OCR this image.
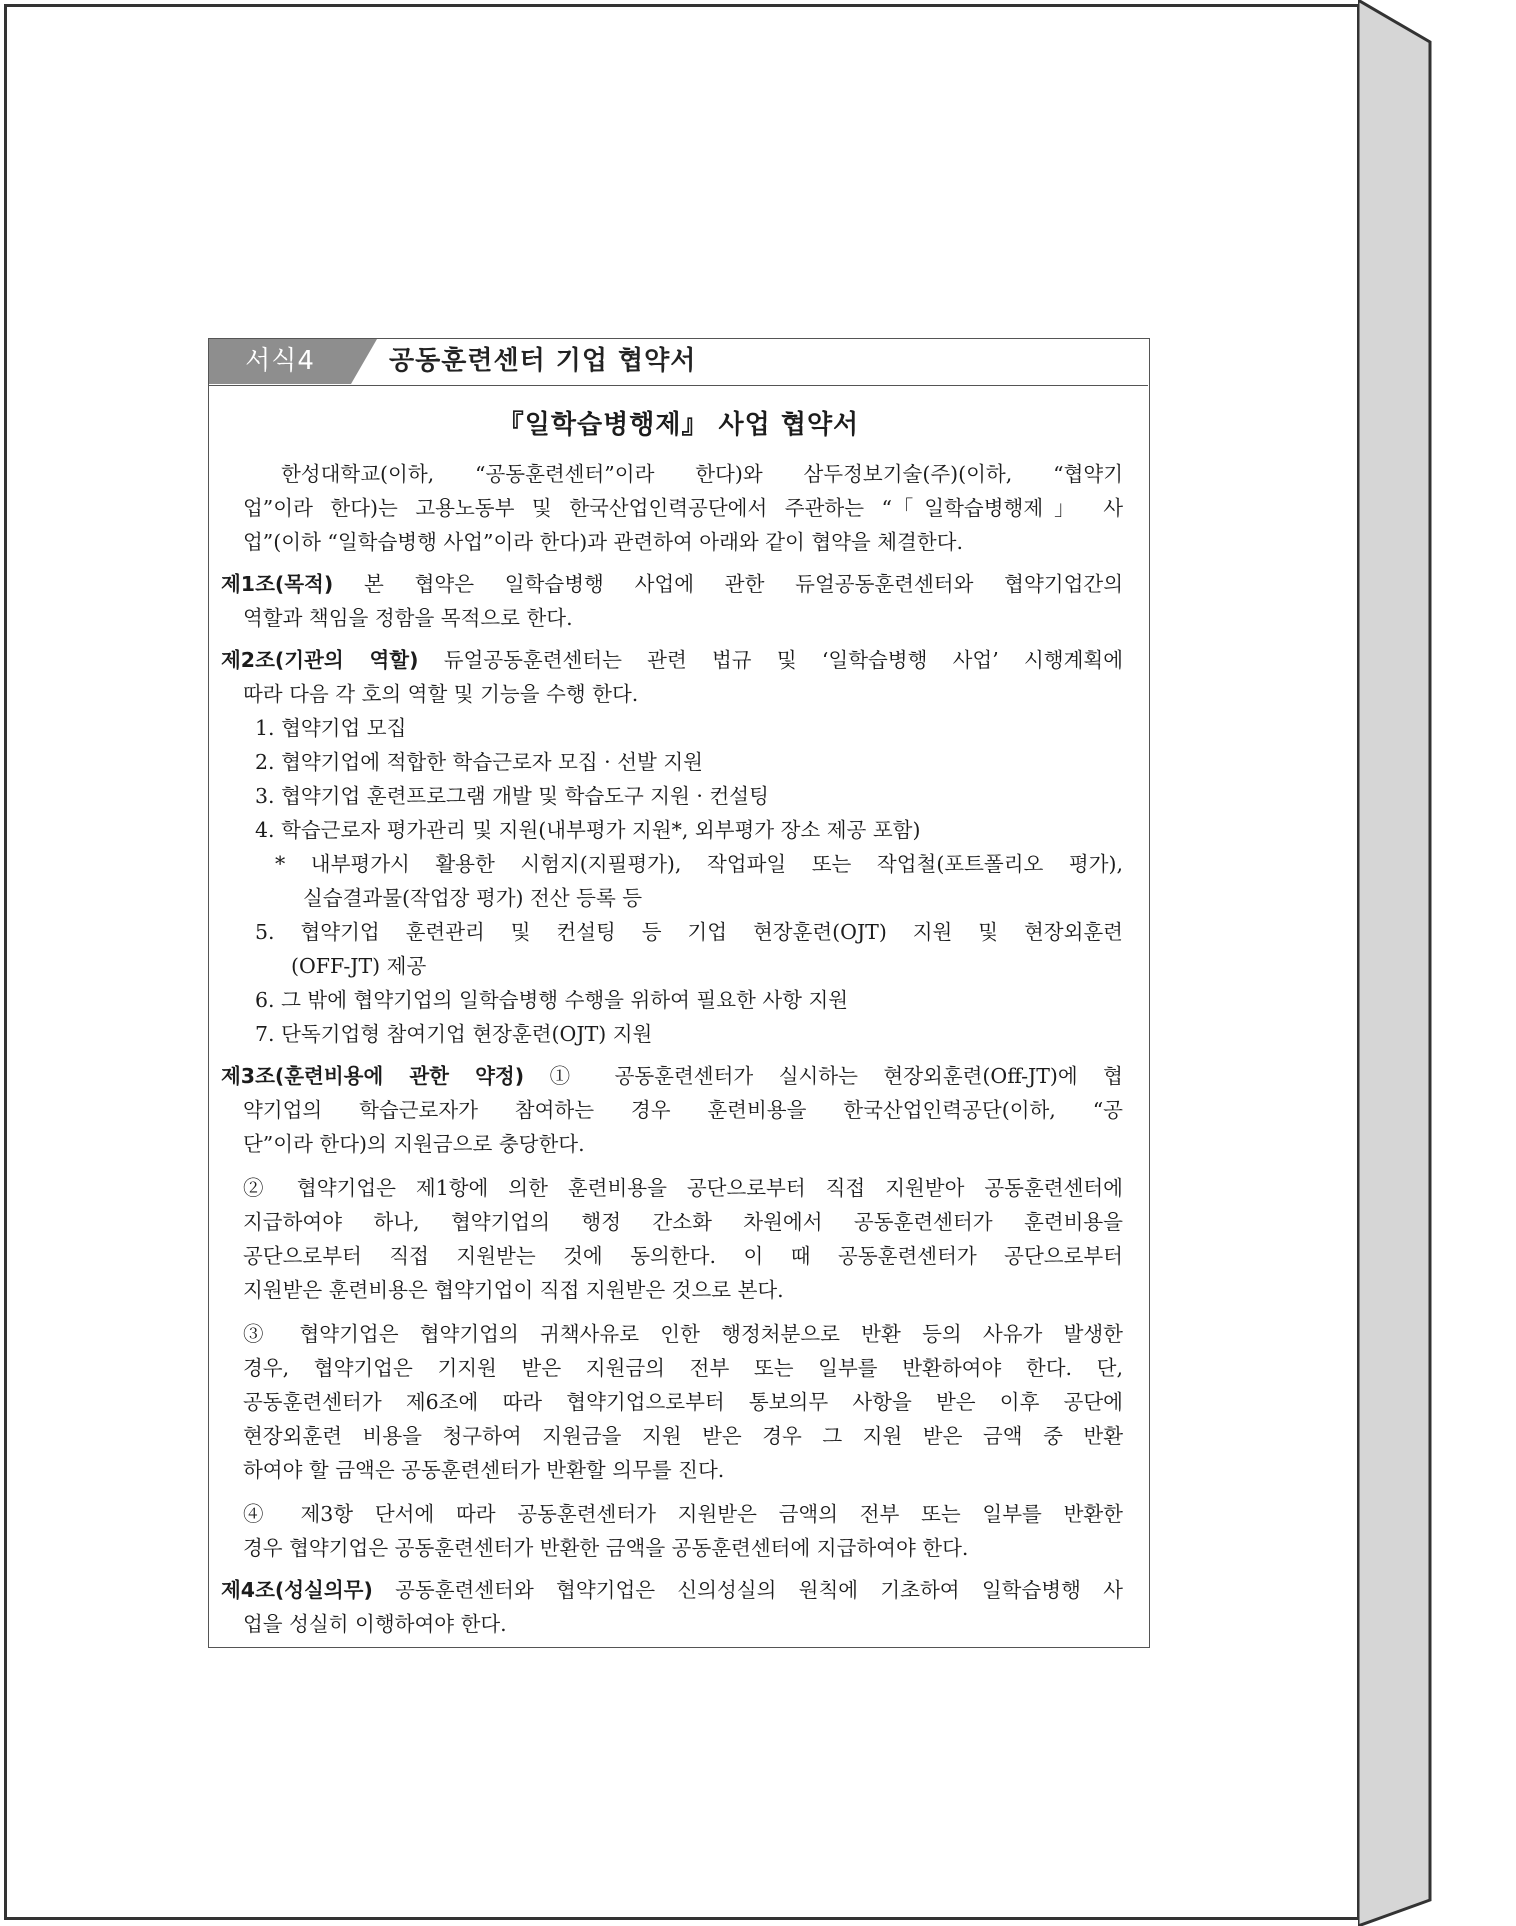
서식4	공동훈련센터 기업 협약서
『일학습병행제』 사업 협약서
한성대학교(이하, “공동훈련센터”이라 한다)와 삼두정보기술(주)(이하, “협약기
업”이라 한다)는 고용노동부 및 한국산업인력공단에서 주관하는 “「일학습병행제」 사
업”(이하 “일학습병행 사업”이라 한다)과 관련하여 아래와 같이 협약을 체결한다.
제1조(목적) 본 협약은 일학습병행 사업에 관한 듀얼공동훈련센터와 협약기업간의
역할과 책임을 정함을 목적으로 한다.
제2조(기관의 역할) 듀얼공동훈련센터는 관련 법규 및 ‘일학습병행 사업’ 시행계획에
따라 다음 각 호의 역할 및 기능을 수행 한다.
1. 협약기업 모집
2. 협약기업에 적합한 학습근로자 모집 · 선발 지원
3. 협약기업 훈련프로그램 개발 및 학습도구 지원 · 컨설팅
4. 학습근로자 평가관리 및 지원(내부평가 지원*, 외부평가 장소 제공 포함)
* 내부평가시 활용한 시험지(지필평가), 작업파일 또는 작업철(포트폴리오 평가),
실습결과물(작업장 평가) 전산 등록 등
5. 협약기업 훈련관리 및 컨설팅 등 기업 현장훈련(OJT) 지원 및 현장외훈련
(OFF-JT) 제공
6. 그 밖에 협약기업의 일학습병행 수행을 위하여 필요한 사항 지원
7. 단독기업형 참여기업 현장훈련(OJT) 지원
제3조(훈련비용에 관한 약정) ① 공동훈련센터가 실시하는 현장외훈련(Off-JT)에 협
약기업의 학습근로자가 참여하는 경우 훈련비용을 한국산업인력공단(이하, “공
단”이라 한다)의 지원금으로 충당한다.
② 협약기업은 제1항에 의한 훈련비용을 공단으로부터 직접 지원받아 공동훈련센터에
지급하여야 하나, 협약기업의 행정 간소화 차원에서 공동훈련센터가 훈련비용을
공단으로부터 직접 지원받는 것에 동의한다. 이 때 공동훈련센터가 공단으로부터
지원받은 훈련비용은 협약기업이 직접 지원받은 것으로 본다.
③ 협약기업은 협약기업의 귀책사유로 인한 행정처분으로 반환 등의 사유가 발생한
경우, 협약기업은 기지원 받은 지원금의 전부 또는 일부를 반환하여야 한다. 단,
공동훈련센터가 제6조에 따라 협약기업으로부터 통보의무 사항을 받은 이후 공단에
현장외훈련 비용을 청구하여 지원금을 지원 받은 경우 그 지원 받은 금액 중 반환
하여야 할 금액은 공동훈련센터가 반환할 의무를 진다.
④ 제3항 단서에 따라 공동훈련센터가 지원받은 금액의 전부 또는 일부를 반환한
경우 협약기업은 공동훈련센터가 반환한 금액을 공동훈련센터에 지급하여야 한다.
제4조(성실의무) 공동훈련센터와 협약기업은 신의성실의 원칙에 기초하여 일학습병행 사
업을 성실히 이행하여야 한다.
